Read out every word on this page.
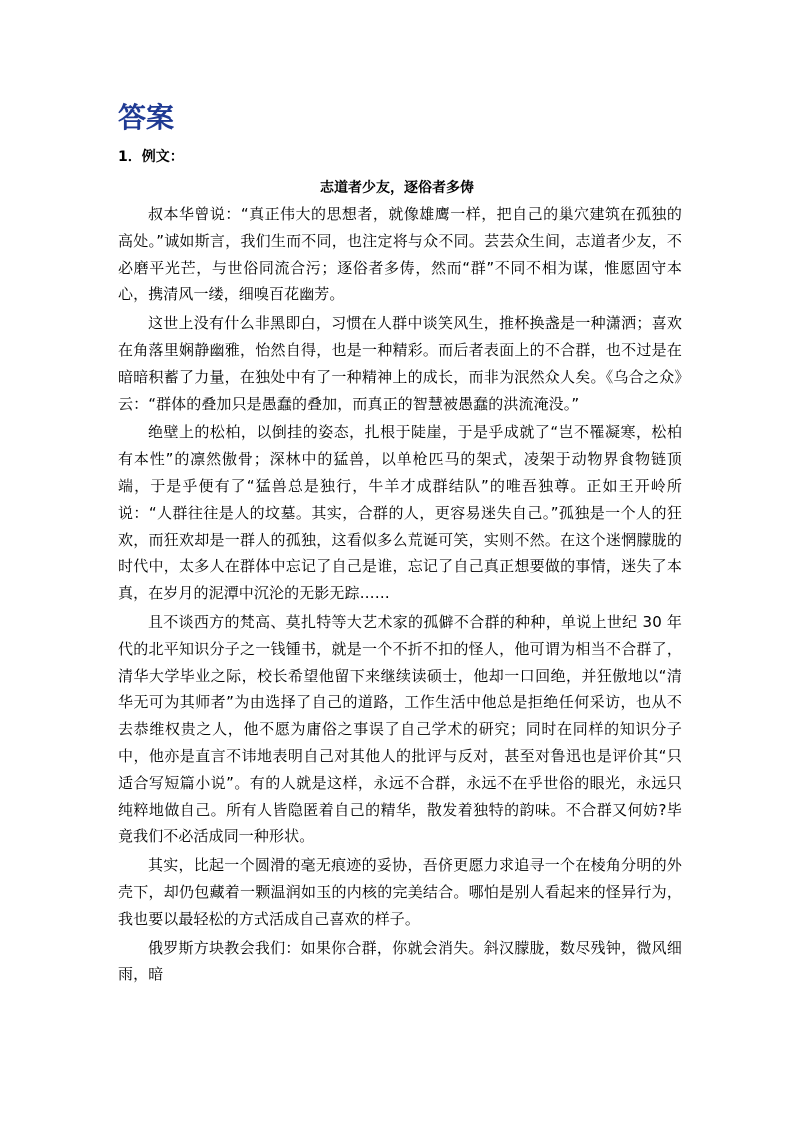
答案
1．例文：
志道者少友，逐俗者多俦

叔本华曾说：“真正伟大的思想者，就像雄鹰一样，把自己的巢穴建筑在孤独的高处。”诚如斯言，我们生而不同，也注定将与众不同。芸芸众生间，志道者少友，不必磨平光芒，与世俗同流合污；逐俗者多俦，然而“群”不同不相为谋，惟愿固守本心，携清风一缕，细嗅百花幽芳。

这世上没有什么非黑即白，习惯在人群中谈笑风生，推杯换盏是一种潇洒；喜欢在角落里娴静幽雅，怡然自得，也是一种精彩。而后者表面上的不合群，也不过是在暗暗积蓄了力量，在独处中有了一种精神上的成长，而非为泯然众人矣。《乌合之众》云：“群体的叠加只是愚蠢的叠加，而真正的智慧被愚蠢的洪流淹没。”

绝壁上的松柏，以倒挂的姿态，扎根于陡崖，于是乎成就了“岂不罹凝寒，松柏有本性”的凛然傲骨；深林中的猛兽，以单枪匹马的架式，凌架于动物界食物链顶端，于是乎便有了“猛兽总是独行，牛羊才成群结队”的唯吾独尊。正如王开岭所说：“人群往往是人的坟墓。其实，合群的人，更容易迷失自己。”孤独是一个人的狂欢，而狂欢却是一群人的孤独，这看似多么荒诞可笑，实则不然。在这个迷惘朦胧的时代中，太多人在群体中忘记了自己是谁，忘记了自己真正想要做的事情，迷失了本真，在岁月的泥潭中沉沦的无影无踪……

且不谈西方的梵高、莫扎特等大艺术家的孤僻不合群的种种，单说上世纪 30 年代的北平知识分子之一钱锺书，就是一个不折不扣的怪人，他可谓为相当不合群了，清华大学毕业之际，校长希望他留下来继续读硕士，他却一口回绝，并狂傲地以“清华无可为其师者”为由选择了自己的道路，工作生活中他总是拒绝任何采访，也从不去恭维权贵之人，他不愿为庸俗之事误了自己学术的研究；同时在同样的知识分子中，他亦是直言不讳地表明自己对其他人的批评与反对，甚至对鲁迅也是评价其“只适合写短篇小说”。有的人就是这样，永远不合群，永远不在乎世俗的眼光，永远只纯粹地做自己。所有人皆隐匿着自己的精华，散发着独特的韵味。不合群又何妨?毕竟我们不必活成同一种形状。

其实，比起一个圆滑的毫无痕迹的妥协，吾侪更愿力求追寻一个在棱角分明的外壳下，却仍包藏着一颗温润如玉的内核的完美结合。哪怕是别人看起来的怪异行为，我也要以最轻松的方式活成自己喜欢的样子。

俄罗斯方块教会我们：如果你合群，你就会消失。斜汉朦胧，数尽残钟，微风细雨，暗
